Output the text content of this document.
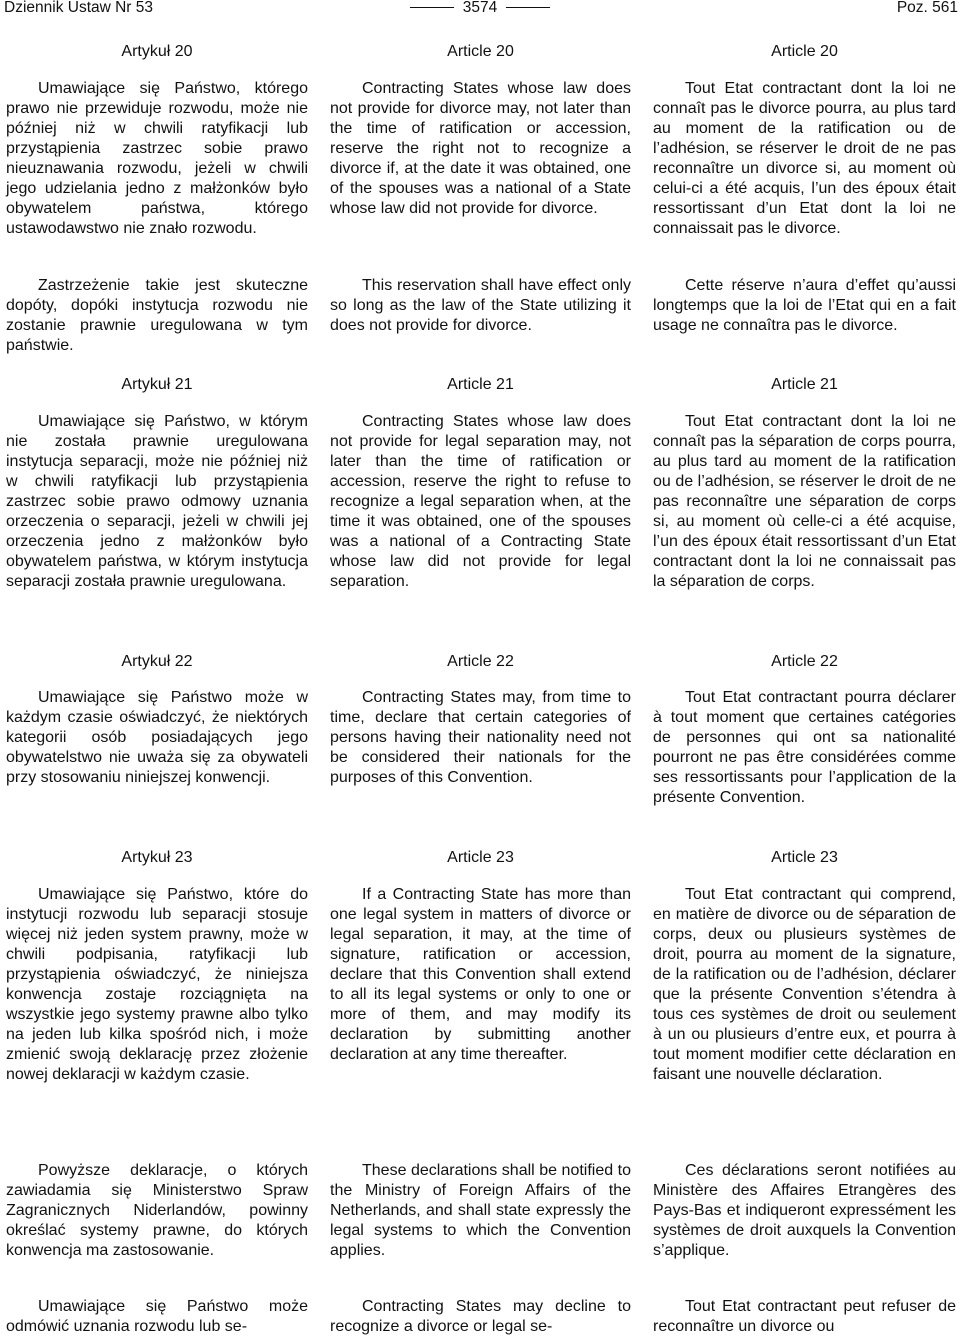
Dziennik Ustaw Nr 53	3574	Poz. 561
Artykuł 20
Umawiające się Państwo, którego prawo nie przewiduje rozwodu, może nie później niż w chwili ratyfikacji lub przystąpienia zastrzec sobie prawo nieuznawania rozwodu, jeżeli w chwili jego udzielania jedno z małżonków było obywatelem państwa, którego ustawodawstwo nie znało rozwodu.
Zastrzeżenie takie jest skuteczne dopóty, dopóki instytucja rozwodu nie zostanie prawnie uregulowana w tym państwie.
Artykuł 21
Umawiające się Państwo, w którym nie została prawnie uregulowana instytucja separacji, może nie później niż w chwili ratyfikacji lub przystąpienia zastrzec sobie prawo odmowy uznania orzeczenia o separacji, jeżeli w chwili jej orzeczenia jedno z małżonków było obywatelem państwa, w którym instytucja separacji została prawnie uregulowana.
Artykuł 22
Umawiające się Państwo może w każdym czasie oświadczyć, że niektórych kategorii osób posiadających jego obywatelstwo nie uważa się za obywateli przy stosowaniu niniejszej konwencji.
Artykuł 23
Umawiające się Państwo, które do instytucji rozwodu lub separacji stosuje więcej niż jeden system prawny, może w chwili podpisania, ratyfikacji lub przystąpienia oświadczyć, że niniejsza konwencja zostaje rozciągnięta na wszystkie jego systemy prawne albo tylko na jeden lub kilka spośród nich, i może zmienić swoją deklarację przez złożenie nowej deklaracji w każdym czasie.
Powyższe deklaracje, o których zawiadamia się Ministerstwo Spraw Zagranicznych Niderlandów, powinny określać systemy prawne, do których konwencja ma zastosowanie.
Umawiające się Państwo może odmówić uznania rozwodu lub se-
Article 20
Contracting States whose law does not provide for divorce may, not later than the time of ratification or accession, reserve the right not to recognize a divorce if, at the date it was obtained, one of the spouses was a national of a State whose law did not provide for divorce.
This reservation shall have effect only so long as the law of the State utilizing it does not provide for divorce.
Article 21
Contracting States whose law does not provide for legal separation may, not later than the time of ratification or accession, reserve the right to refuse to recognize a legal separation when, at the time it was obtained, one of the spouses was a national of a Contracting State whose law did not provide for legal separation.
Article 22
Contracting States may, from time to time, declare that certain categories of persons having their nationality need not be considered their nationals for the purposes of this Convention.
Article 23
If a Contracting State has more than one legal system in matters of divorce or legal separation, it may, at the time of signature, ratification or accession, declare that this Convention shall extend to all its legal systems or only to one or more of them, and may modify its declaration by submitting another declaration at any time thereafter.
These declarations shall be notified to the Ministry of Foreign Affairs of the Netherlands, and shall state expressly the legal systems to which the Convention applies.
Contracting States may decline to recognize a divorce or legal se-
Article 20
Tout Etat contractant dont la loi ne connaît pas le divorce pourra, au plus tard au moment de la ratification ou de l’adhésion, se réserver le droit de ne pas reconnaître un divorce si, au moment où celui-ci a été acquis, l’un des époux était ressortissant d’un Etat dont la loi ne connaissait pas le divorce.
Cette réserve n’aura d’effet qu’aussi longtemps que la loi de l’Etat qui en a fait usage ne connaîtra pas le divorce.
Article 21
Tout Etat contractant dont la loi ne connaît pas la séparation de corps pourra, au plus tard au moment de la ratification ou de l’adhésion, se réserver le droit de ne pas reconnaître une séparation de corps si, au moment où celle-ci a été acquise, l’un des époux était ressortissant d’un Etat contractant dont la loi ne connaissait pas la séparation de corps.
Article 22
Tout Etat contractant pourra déclarer à tout moment que certaines catégories de personnes qui ont sa nationalité pourront ne pas être considérées comme ses ressortissants pour l’application de la présente Convention.
Article 23
Tout Etat contractant qui comprend, en matière de divorce ou de séparation de corps, deux ou plusieurs systèmes de droit, pourra au moment de la signature, de la ratification ou de l’adhésion, déclarer que la présente Convention s’étendra à tous ces systèmes de droit ou seulement à un ou plusieurs d’entre eux, et pourra à tout moment modifier cette déclaration en faisant une nouvelle déclaration.
Ces déclarations seront notifiées au Ministère des Affaires Etrangères des Pays-Bas et indiqueront expressément les systèmes de droit auxquels la Convention s’applique.
Tout Etat contractant peut refuser de reconnaître un divorce ou
